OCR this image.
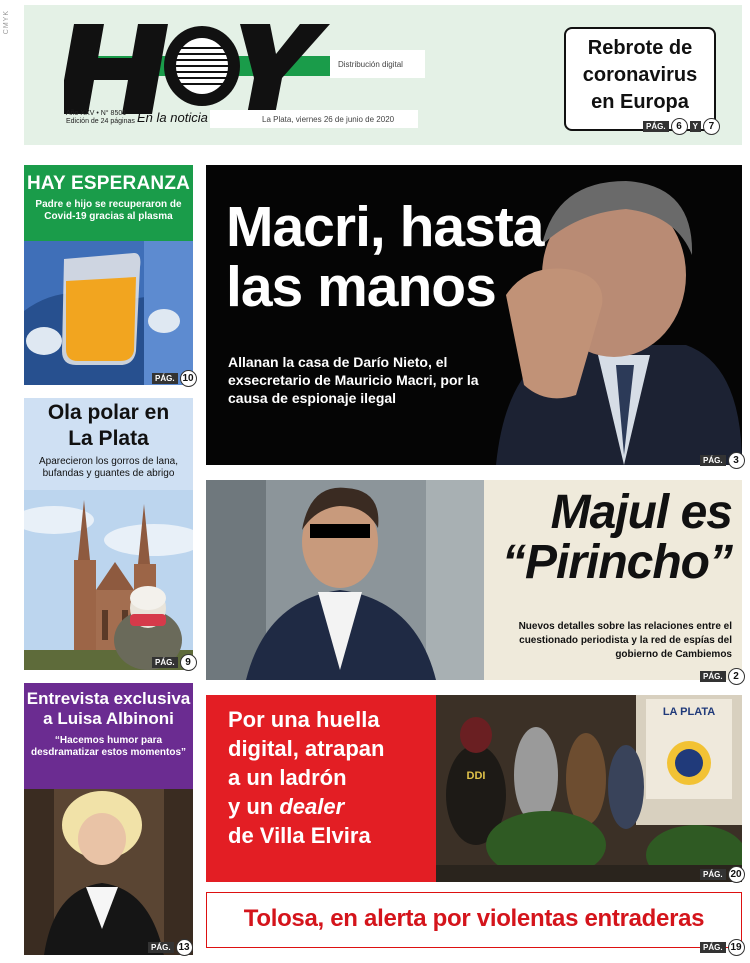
CMYK
Distribución digital
La Plata, viernes 26 de junio de 2020
Año XXV • N° 8501
Edición de 24 páginas En la noticia
Rebrote de
coronavirus
en Europa
PÁG.	6	Y	7
HAY ESPERANZA

Padre e hijo se recuperaron de Covid-19 gracias al plasma

PÁG. 10
Ola polar en La Plata

Aparecieron los gorros de lana, bufandas y guantes de abrigo

PÁG.	9
Entrevista exclusiva a Luisa Albinoni

“Hacemos humor para desdramatizar estos momentos”

PÁG. 13
Macri, hasta
las manos

Allanan la casa de Darío Nieto, el exsecretario de Mauricio Macri, por la causa de espionaje ilegal

PÁG.	3
Majul es
“Pirincho”

Nuevos detalles sobre las relaciones entre el cuestionado periodista y la red de espías del gobierno de Cambiemos

PÁG.	2
LA PLATA
DDI
Por una huella
digital, atrapan
a un ladrón
y un dealer
de Villa Elvira
PÁG. 20

Tolosa, en alerta por violentas entraderas

PÁG. 19
